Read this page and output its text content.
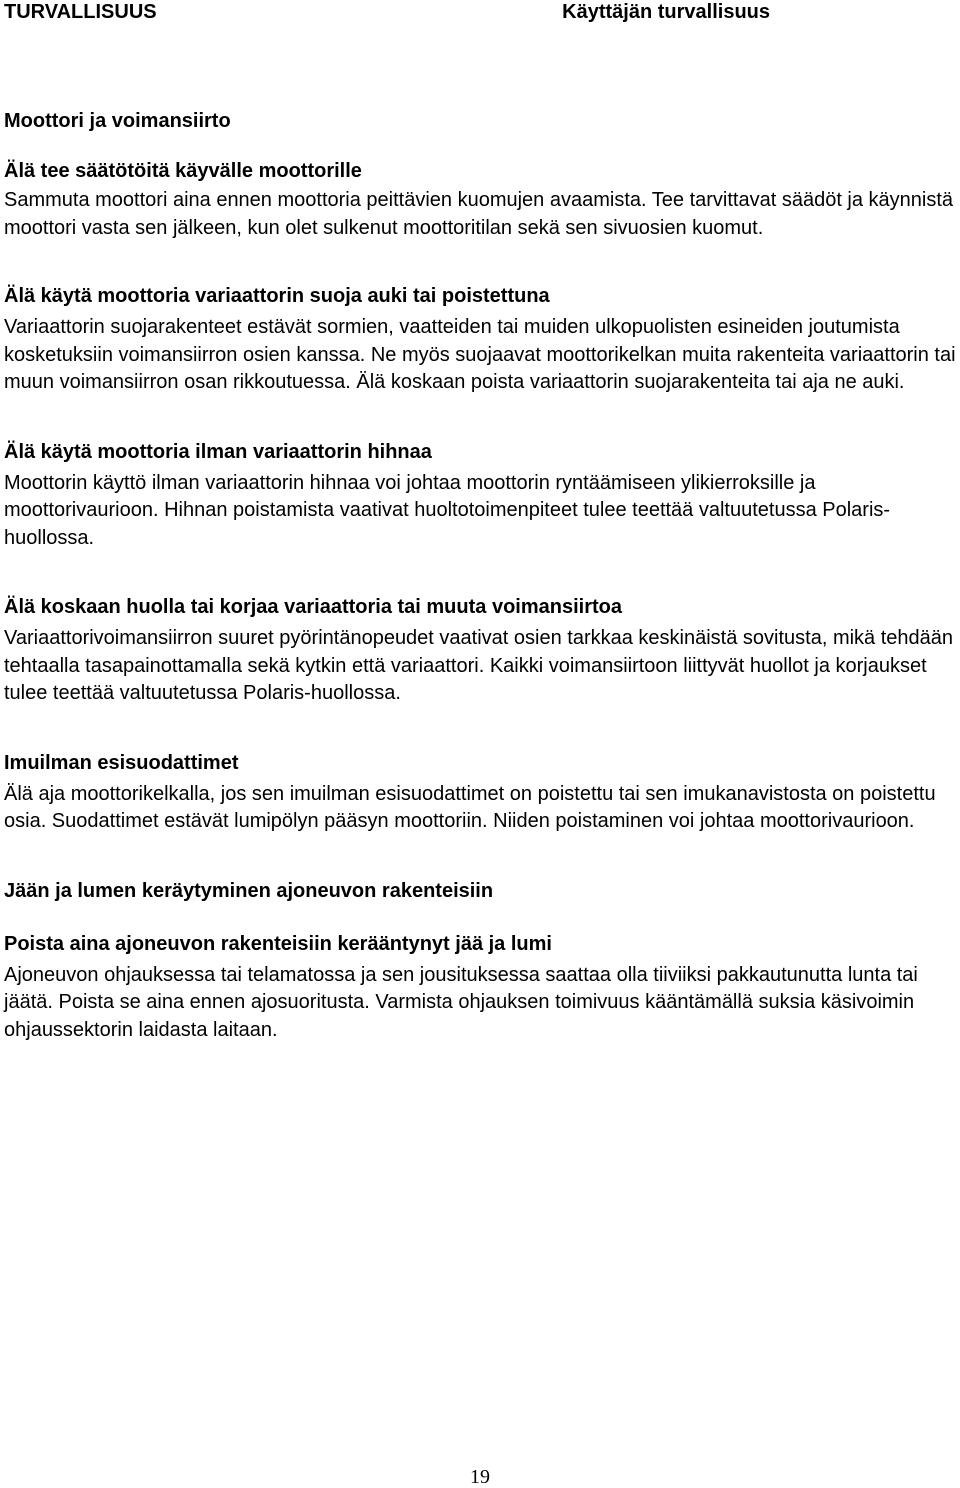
TURVALLISUUS	Käyttäjän turvallisuus

Moottori ja voimansiirto

Älä tee säätötöitä käyvälle moottorille

Sammuta moottori aina ennen moottoria peittävien kuomujen avaamista. Tee tarvittavat säädöt ja käynnistä moottori vasta sen jälkeen, kun olet sulkenut moottoritilan sekä sen sivuosien kuomut.

Älä käytä moottoria variaattorin suoja auki tai poistettuna

Variaattorin suojarakenteet estävät sormien, vaatteiden tai muiden ulkopuolisten esineiden joutumista kosketuksiin voimansiirron osien kanssa. Ne myös suojaavat moottorikelkan muita rakenteita variaattorin tai muun voimansiirron osan rikkoutuessa. Älä koskaan poista variaattorin suojarakenteita tai aja ne auki.

Älä käytä moottoria ilman variaattorin hihnaa

Moottorin käyttö ilman variaattorin hihnaa voi johtaa moottorin ryntäämiseen ylikierroksille ja moottorivaurioon. Hihnan poistamista vaativat huoltotoimenpiteet tulee teettää valtuutetussa Polaris-huollossa.

Älä koskaan huolla tai korjaa variaattoria tai muuta voimansiirtoa

Variaattorivoimansiirron suuret pyörintänopeudet vaativat osien tarkkaa keskinäistä sovitusta, mikä tehdään tehtaalla tasapainottamalla sekä kytkin että variaattori. Kaikki voimansiirtoon liittyvät huollot ja korjaukset tulee teettää valtuutetussa Polaris-huollossa.

Imuilman esisuodattimet

Älä aja moottorikelkalla, jos sen imuilman esisuodattimet on poistettu tai sen imukanavistosta on poistettu osia. Suodattimet estävät lumipölyn pääsyn moottoriin. Niiden poistaminen voi johtaa moottorivaurioon.

Jään ja lumen keräytyminen ajoneuvon rakenteisiin

Poista aina ajoneuvon rakenteisiin kerääntynyt jää ja lumi

Ajoneuvon ohjauksessa tai telamatossa ja sen jousituksessa saattaa olla tiiviiksi pakkautunutta lunta tai jäätä. Poista se aina ennen ajosuoritusta. Varmista ohjauksen toimivuus kääntämällä suksia käsivoimin ohjaussektorin laidasta laitaan.

19
